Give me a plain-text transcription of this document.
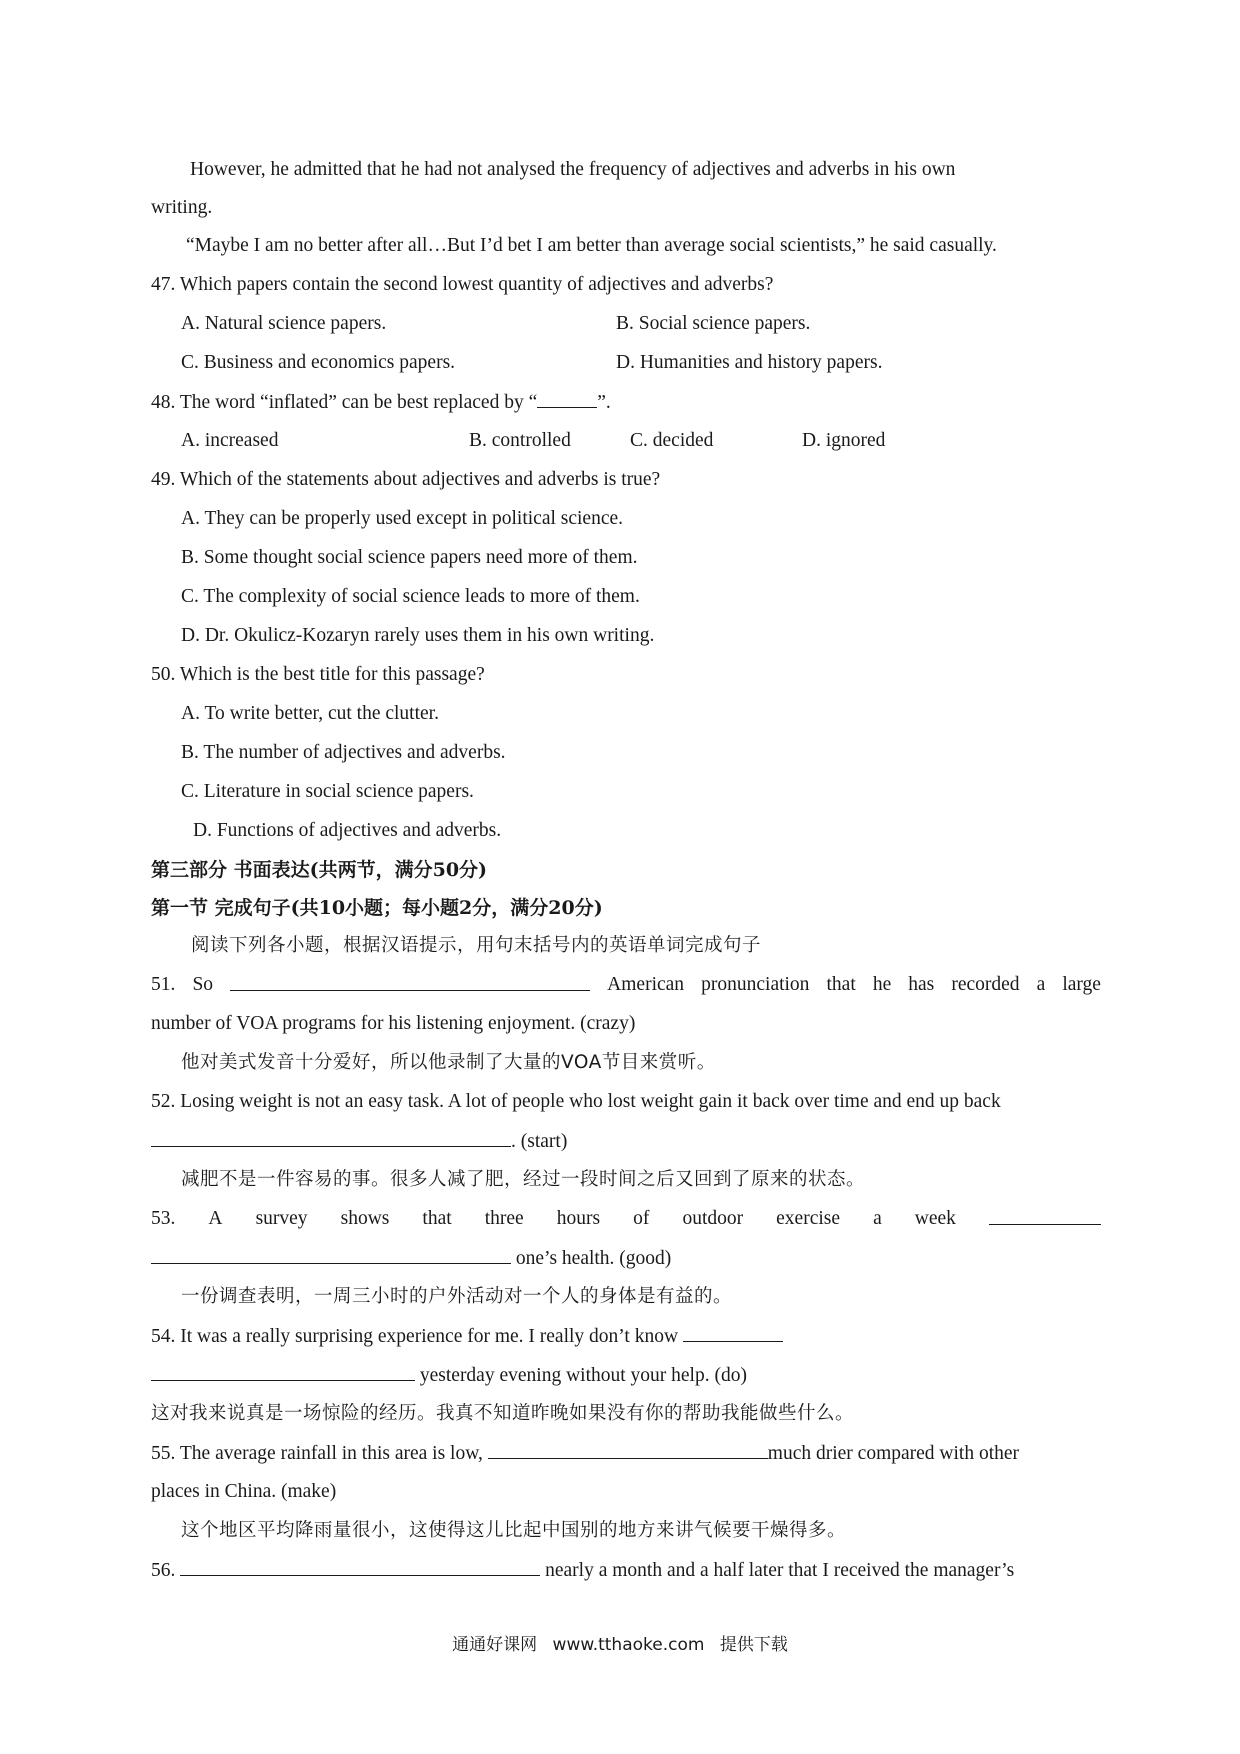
However, he admitted that he had not analysed the frequency of adjectives and adverbs in his own
writing.
“Maybe I am no better after all…But I’d bet I am better than average social scientists,” he said casually.
47. Which papers contain the second lowest quantity of adjectives and adverbs?
A. Natural science papers.	B. Social science papers.
C. Business and economics papers.	D. Humanities and history papers.
48. The word “inflated” can be best replaced by “	”.
A. increased	B. controlled	C. decided	D. ignored
49. Which of the statements about adjectives and adverbs is true?
A. They can be properly used except in political science.
B. Some thought social science papers need more of them.
C. The complexity of social science leads to more of them.
D. Dr. Okulicz-Kozaryn rarely uses them in his own writing.
50. Which is the best title for this passage?
A. To write better, cut the clutter.
B. The number of adjectives and adverbs.
C. Literature in social science papers.
D. Functions of adjectives and adverbs.
第三部分 书面表达(共两节，满分50分)
第一节 完成句子(共10小题；每小题2分，满分20分)
阅读下列各小题，根据汉语提示，用句末括号内的英语单词完成句子
51. So	American pronunciation that he has recorded a large
number of VOA programs for his listening enjoyment. (crazy)
他对美式发音十分爱好，所以他录制了大量的VOA节目来赏听。
52. Losing weight is not an easy task. A lot of people who lost weight gain it back over time and end up back
. (start)
减肥不是一件容易的事。很多人减了肥，经过一段时间之后又回到了原来的状态。
53. A survey shows that three hours of outdoor exercise a week
one’s health. (good)
一份调查表明，一周三小时的户外活动对一个人的身体是有益的。
54. It was a really surprising experience for me. I really don’t know
yesterday evening without your help. (do)
这对我来说真是一场惊险的经历。我真不知道昨晚如果没有你的帮助我能做些什么。
55. The average rainfall in this area is low,	much drier compared with other
places in China. (make)
这个地区平均降雨量很小，这使得这儿比起中国别的地方来讲气候要干燥得多。
56.	nearly a month and a half later that I received the manager’s
通通好课网 www.tthaoke.com 提供下载
